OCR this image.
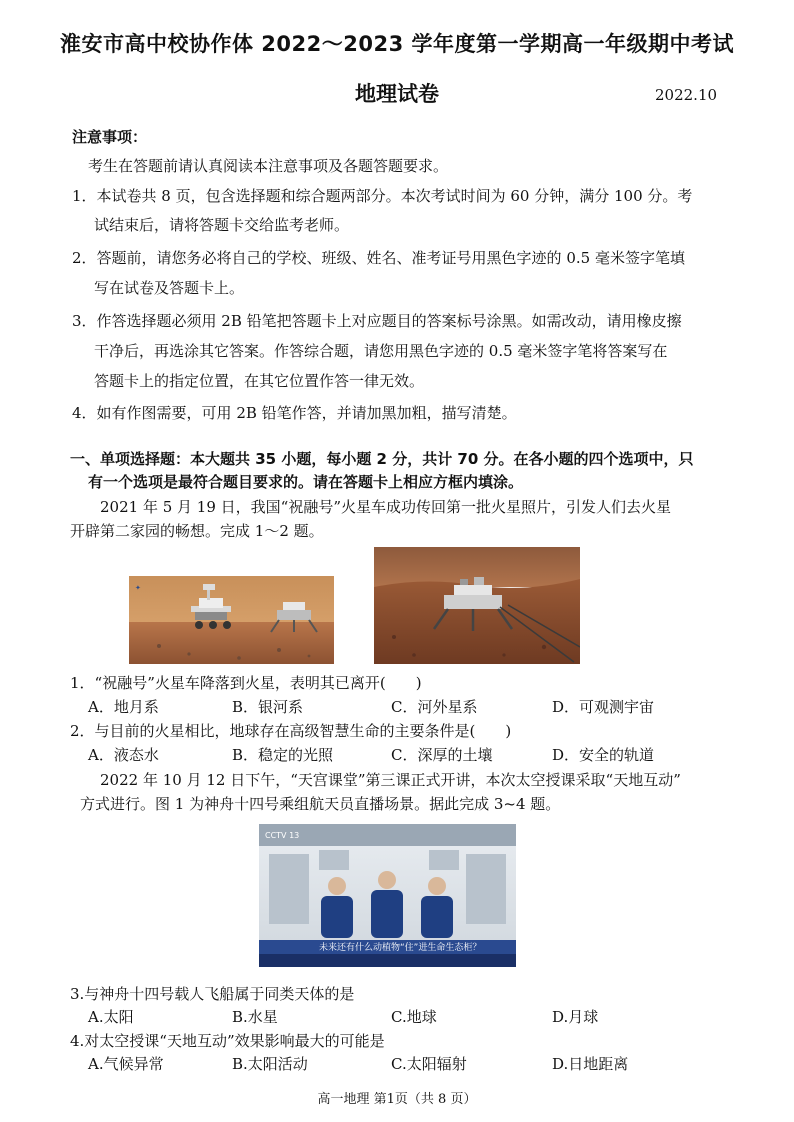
淮安市高中校协作体 2022～2023 学年度第一学期高一年级期中考试
地理试卷	2022.10
注意事项：
考生在答题前请认真阅读本注意事项及各题答题要求。
1．本试卷共 8 页，包含选择题和综合题两部分。本次考试时间为 60 分钟，满分 100 分。考
试结束后，请将答题卡交给监考老师。
2．答题前，请您务必将自己的学校、班级、姓名、准考证号用黑色字迹的 0.5 毫米签字笔填
写在试卷及答题卡上。
3．作答选择题必须用 2B 铅笔把答题卡上对应题目的答案标号涂黑。如需改动，请用橡皮擦
干净后，再选涂其它答案。作答综合题，请您用黑色字迹的 0.5 毫米签字笔将答案写在
答题卡上的指定位置，在其它位置作答一律无效。
4．如有作图需要，可用 2B 铅笔作答，并请加黑加粗，描写清楚。
一、单项选择题：本大题共 35 小题，每小题 2 分，共计 70 分。在各小题的四个选项中，只
有一个选项是最符合题目要求的。请在答题卡上相应方框内填涂。
2021 年 5 月 19 日，我国“祝融号”火星车成功传回第一批火星照片，引发人们去火星
开辟第二家园的畅想。完成 1～2 题。
✦
1．“祝融号”火星车降落到火星，表明其已离开(　　)
A．地月系	B．银河系	C．河外星系	D．可观测宇宙
2．与目前的火星相比，地球存在高级智慧生命的主要条件是(　　)
A．液态水	B．稳定的光照	C．深厚的土壤	D．安全的轨道
2022 年 10 月 12 日下午，“天宫课堂”第三课正式开讲，本次太空授课采取“天地互动”
方式进行。图 1 为神舟十四号乘组航天员直播场景。据此完成 3~4 题。
CCTV 13
未来还有什么动植物“住”进生命生态柜？
3.与神舟十四号载人飞船属于同类天体的是
A.太阳	B.水星	C.地球	D.月球
4.对太空授课“天地互动”效果影响最大的可能是
A.气候异常	B.太阳活动	C.太阳辐射	D.日地距离
高一地理 第1页（共 8 页）
